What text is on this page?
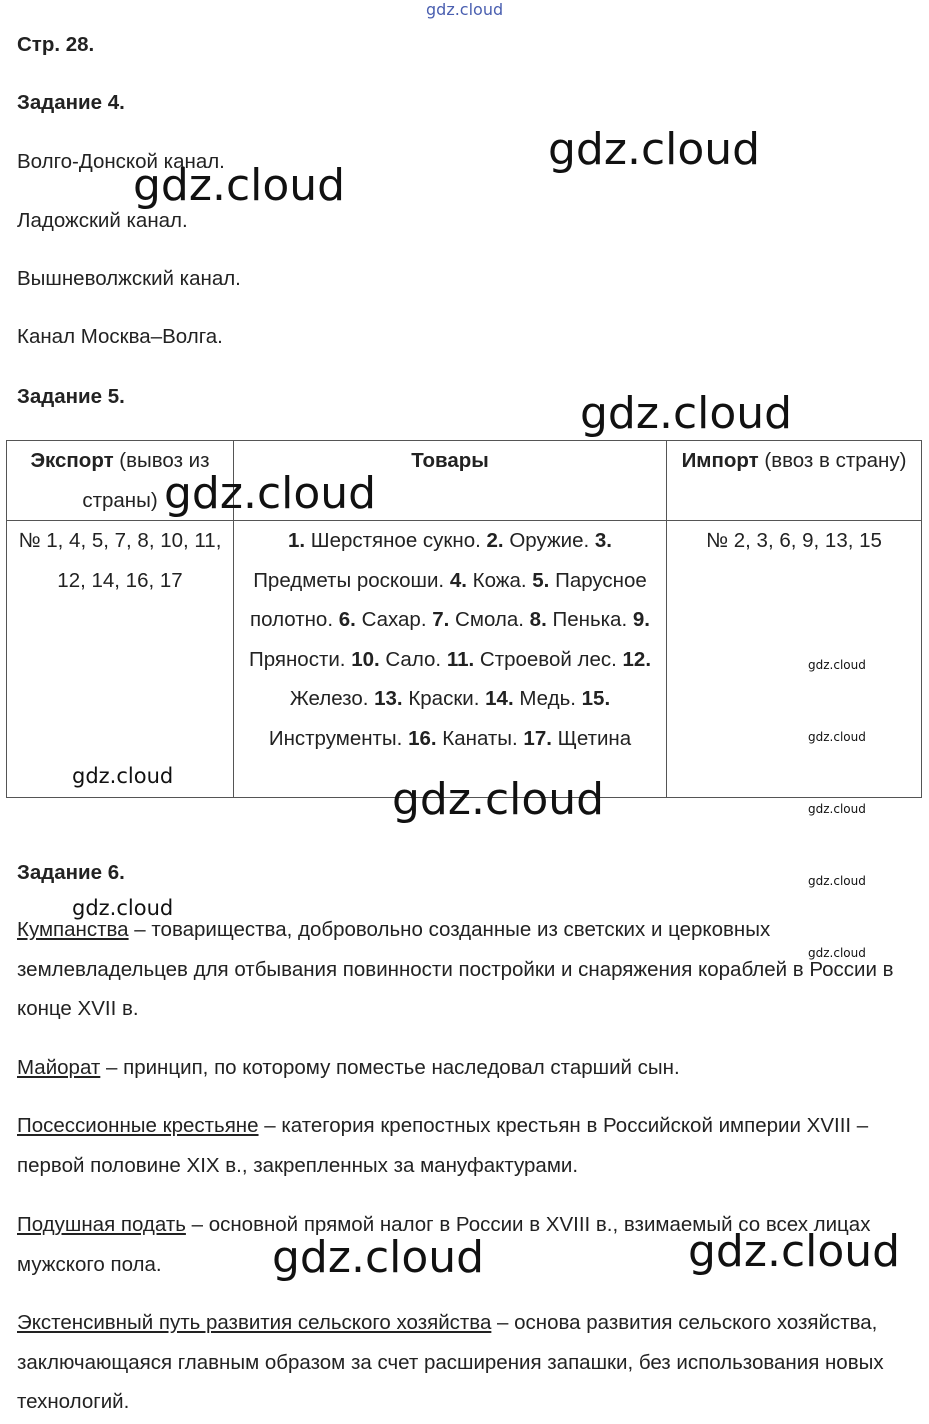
gdz.cloud
Стр. 28.
Задание 4.
Волго-Донской канал.
Ладожский канал.
Вышневолжский канал.
Канал Москва–Волга.
Задание 5.
Экспорт (вывоз из страны)	Товары	Импорт (ввоз в страну)
№ 1, 4, 5, 7, 8, 10, 11, 12, 14, 16, 17	1. Шерстяное сукно. 2. Оружие. 3. Предметы роскоши. 4. Кожа. 5. Парусное полотно. 6. Сахар. 7. Смола. 8. Пенька. 9. Пряности. 10. Сало. 11. Строевой лес. 12. Железо. 13. Краски. 14. Медь. 15. Инструменты. 16. Канаты. 17. Щетина	№ 2, 3, 6, 9, 13, 15
Задание 6.

Кумпанства – товарищества, добровольно созданные из светских и церковных землевладельцев для отбывания повинности постройки и снаряжения кораблей в России в конце XVII в.

Майорат – принцип, по которому поместье наследовал старший сын.

Посессионные крестьяне – категория крепостных крестьян в Российской империи XVIII – первой половине XIX в., закрепленных за мануфактурами.

Подушная подать – основной прямой налог в России в XVIII в., взимаемый со всех лицах мужского пола.

Экстенсивный путь развития сельского хозяйства – основа развития сельского хозяйства, заключающаяся главным образом за счет расширения запашки, без использования новых технологий.

gdz.cloud
gdz.cloud
gdz.cloud
gdz.cloud
gdz.cloud
gdz.cloud	gdz.cloud
gdz.cloud
gdz.cloud
gdz.cloud
gdz.cloud
gdz.cloud
gdz.cloud
gdz.cloud
